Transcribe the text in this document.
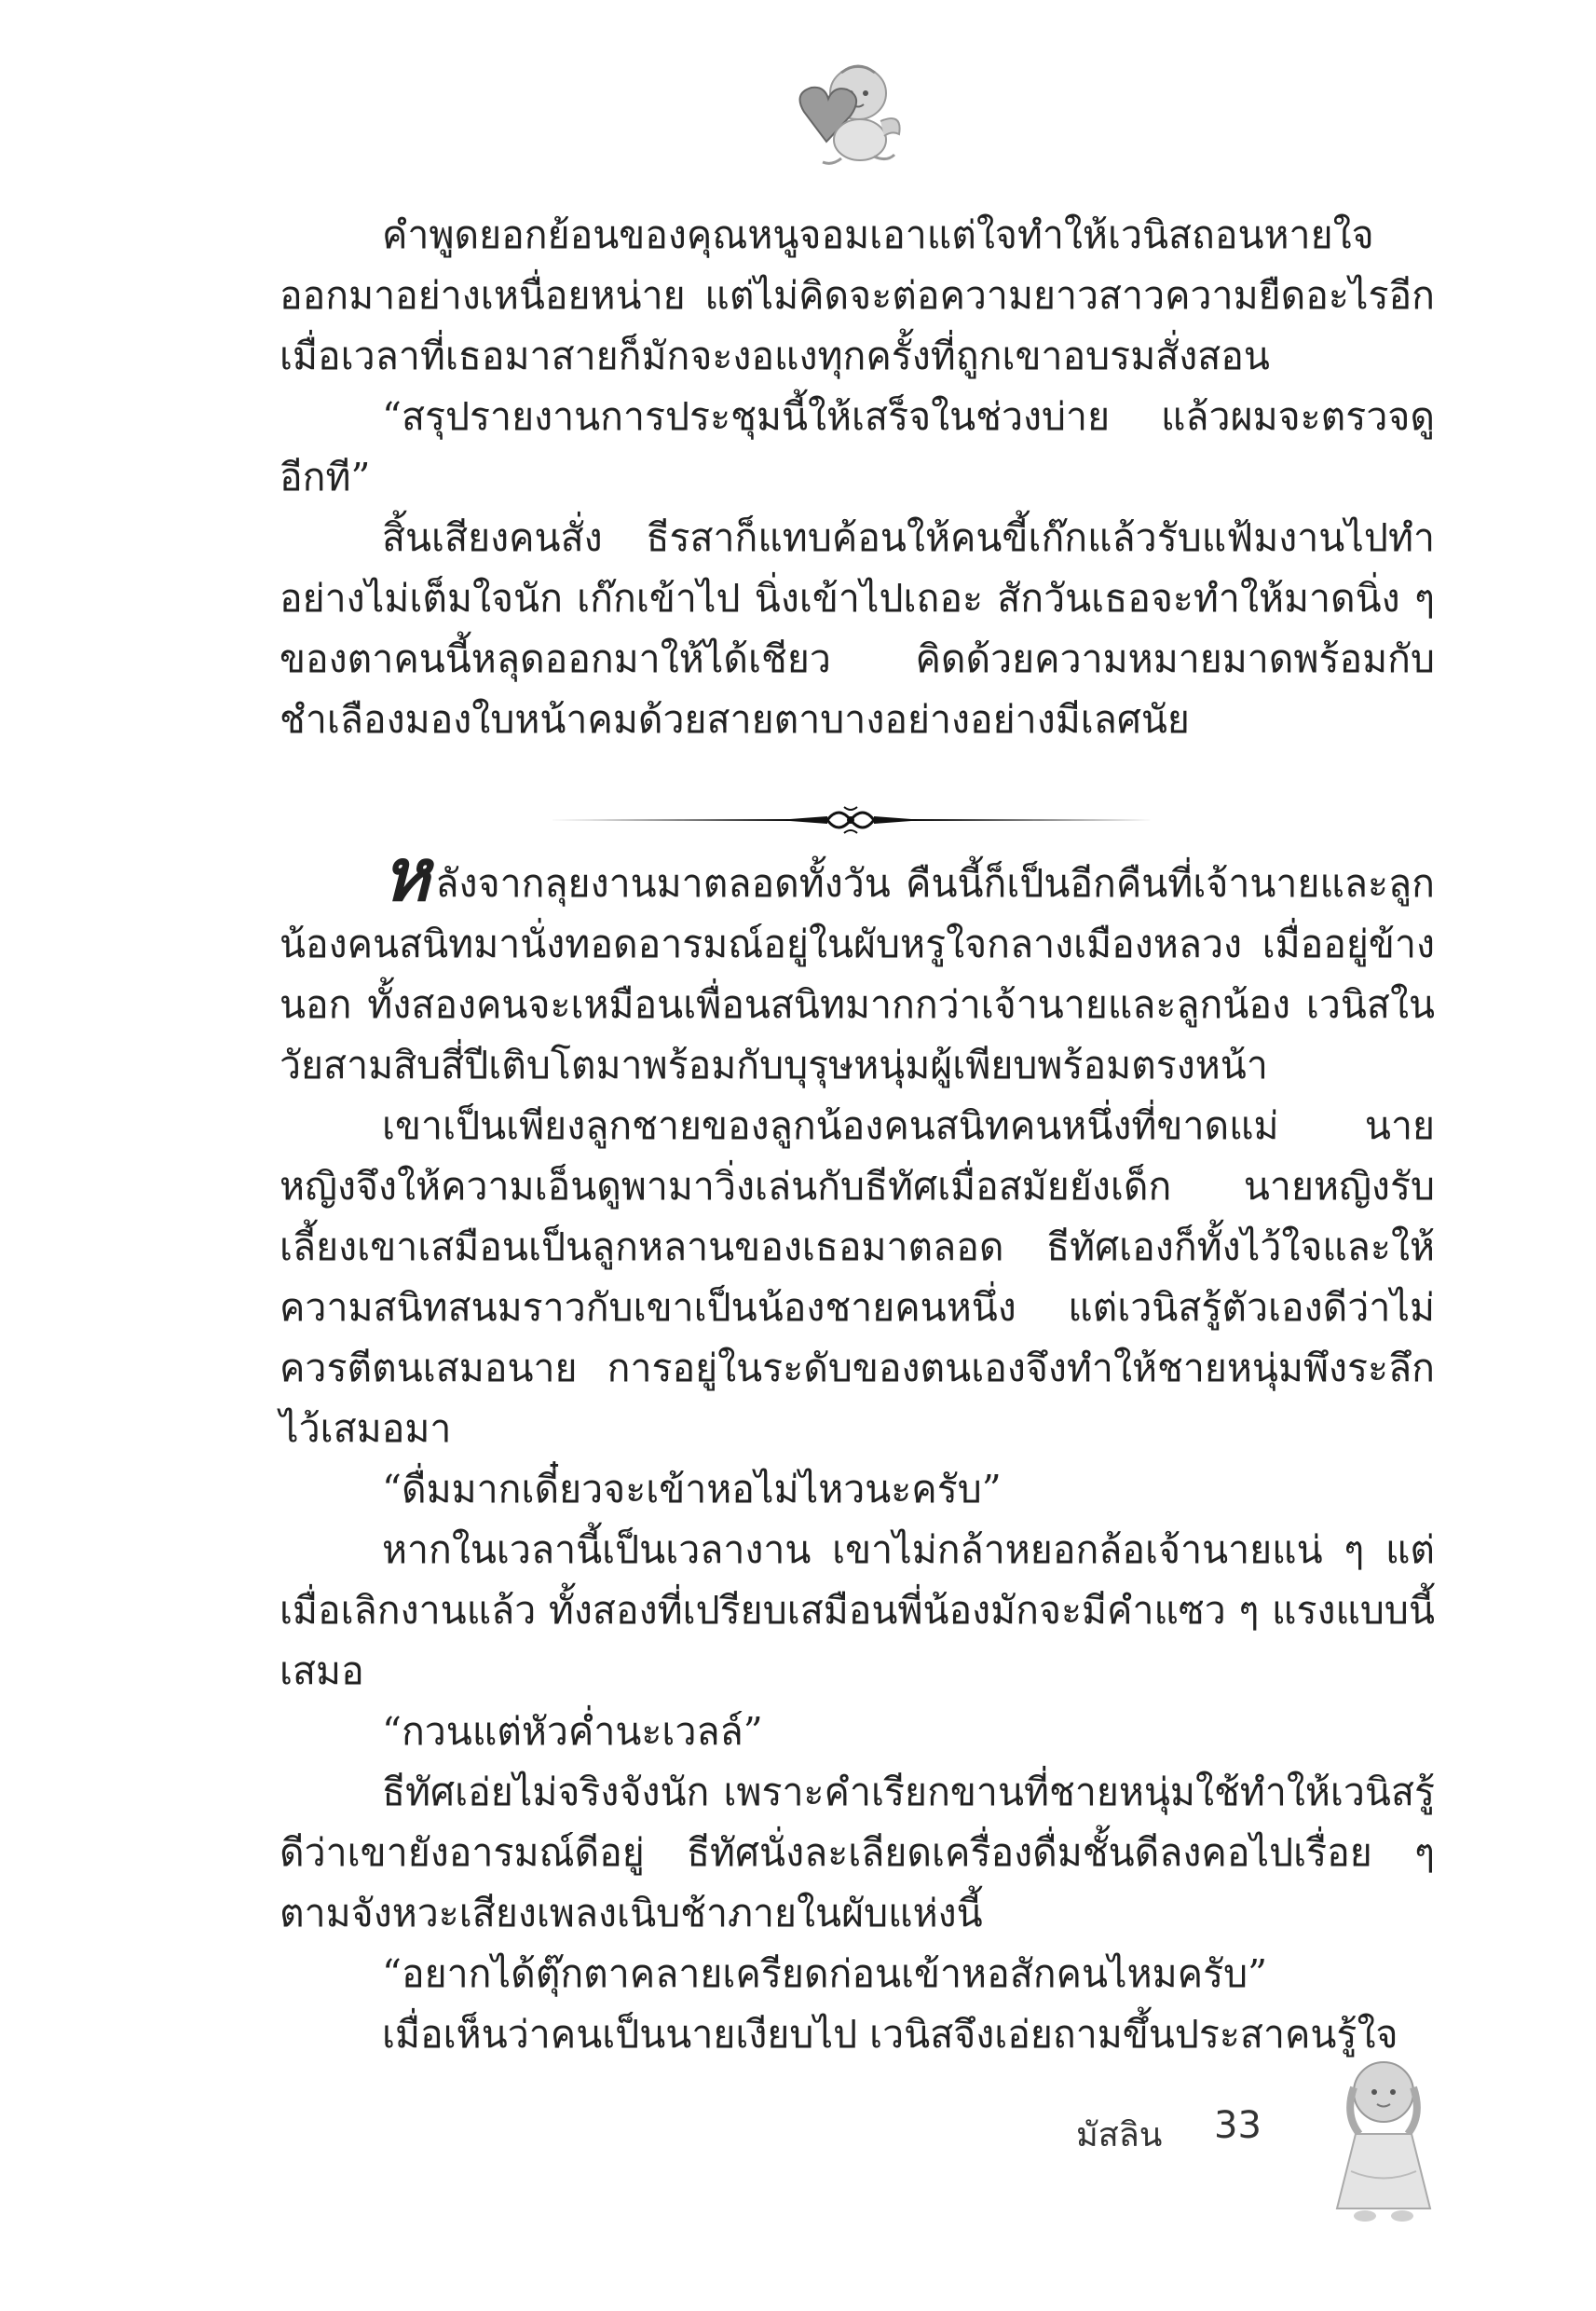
คำพูดยอกย้อนของคุณหนูจอมเอาแต่ใจทำให้เวนิสถอนหายใจออกมาอย่างเหนื่อยหน่าย แต่ไม่คิดจะต่อความยาวสาวความยืดอะไรอีก เมื่อเวลาที่เธอมาสายก็มักจะงอแงทุกครั้งที่ถูกเขาอบรมสั่งสอน

“สรุปรายงานการประชุมนี้ให้เสร็จในช่วงบ่าย แล้วผมจะตรวจดูอีกที”

สิ้นเสียงคนสั่ง ธีรสาก็แทบค้อนให้คนขี้เก๊กแล้วรับแฟ้มงานไปทำอย่างไม่เต็มใจนัก เก๊กเข้าไป นิ่งเข้าไปเถอะ สักวันเธอจะทำให้มาดนิ่ง ๆ ของตาคนนี้หลุดออกมาให้ได้เชียว คิดด้วยความหมายมาดพร้อมกับชำเลืองมองใบหน้าคมด้วยสายตาบางอย่างอย่างมีเลศนัย

หลังจากลุยงานมาตลอดทั้งวัน คืนนี้ก็เป็นอีกคืนที่เจ้านายและลูกน้องคนสนิทมานั่งทอดอารมณ์อยู่ในผับหรูใจกลางเมืองหลวง เมื่ออยู่ข้างนอก ทั้งสองคนจะเหมือนเพื่อนสนิทมากกว่าเจ้านายและลูกน้อง เวนิสในวัยสามสิบสี่ปีเติบโตมาพร้อมกับบุรุษหนุ่มผู้เพียบพร้อมตรงหน้า

เขาเป็นเพียงลูกชายของลูกน้องคนสนิทคนหนึ่งที่ขาดแม่ นายหญิงจึงให้ความเอ็นดูพามาวิ่งเล่นกับธีทัศเมื่อสมัยยังเด็ก นายหญิงรับเลี้ยงเขาเสมือนเป็นลูกหลานของเธอมาตลอด ธีทัศเองก็ทั้งไว้ใจและให้ความสนิทสนมราวกับเขาเป็นน้องชายคนหนึ่ง แต่เวนิสรู้ตัวเองดีว่าไม่ควรตีตนเสมอนาย การอยู่ในระดับของตนเองจึงทำให้ชายหนุ่มพึงระลึกไว้เสมอมา

“ดื่มมากเดี๋ยวจะเข้าหอไม่ไหวนะครับ”

หากในเวลานี้เป็นเวลางาน เขาไม่กล้าหยอกล้อเจ้านายแน่ ๆ แต่เมื่อเลิกงานแล้ว ทั้งสองที่เปรียบเสมือนพี่น้องมักจะมีคำแซว ๆ แรงแบบนี้เสมอ

“กวนแต่หัวค่ำนะเวลล์”

ธีทัศเอ่ยไม่จริงจังนัก เพราะคำเรียกขานที่ชายหนุ่มใช้ทำให้เวนิสรู้ดีว่าเขายังอารมณ์ดีอยู่ ธีทัศนั่งละเลียดเครื่องดื่มชั้นดีลงคอไปเรื่อย ๆ ตามจังหวะเสียงเพลงเนิบช้าภายในผับแห่งนี้

“อยากได้ตุ๊กตาคลายเครียดก่อนเข้าหอสักคนไหมครับ”

เมื่อเห็นว่าคนเป็นนายเงียบไป เวนิสจึงเอ่ยถามขึ้นประสาคนรู้ใจ

มัสลิน 33
